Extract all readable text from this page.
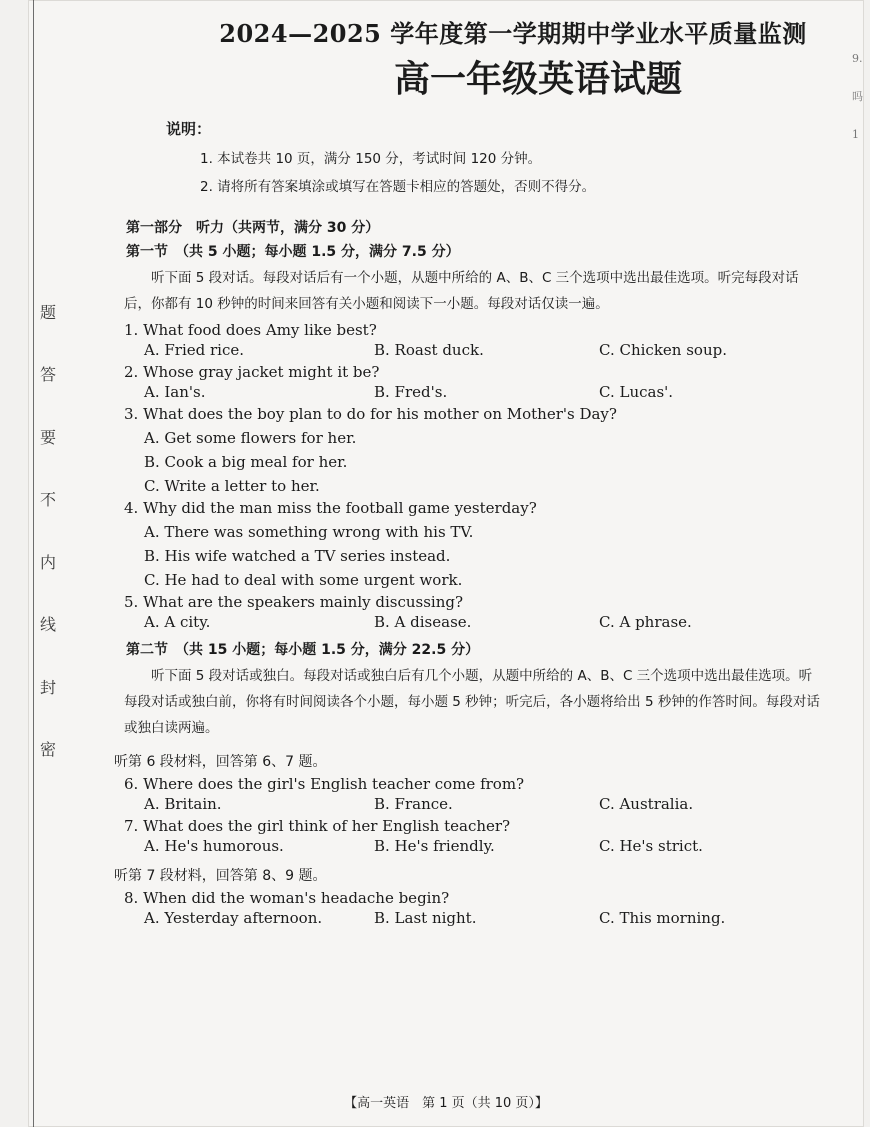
题
答
要
不
内
线
封
密
2024—2025 学年度第一学期期中学业水平质量监测
高一年级英语试题
说明：
1. 本试卷共 10 页，满分 150 分，考试时间 120 分钟。
2. 请将所有答案填涂或填写在答题卡相应的答题处，否则不得分。
第一部分　听力（共两节，满分 30 分）
第一节　（共 5 小题；每小题 1.5 分，满分 7.5 分）
听下面 5 段对话。每段对话后有一个小题，从题中所给的 A、B、C 三个选项中选出最佳选项。听完每段对话后，你都有 10 秒钟的时间来回答有关小题和阅读下一小题。每段对话仅读一遍。
1. What food does Amy like best?
A. Fried rice.	B. Roast duck.	C. Chicken soup.
2. Whose gray jacket might it be?
A. Ian's.	B. Fred's.	C. Lucas'.
3. What does the boy plan to do for his mother on Mother's Day?
A. Get some flowers for her.
B. Cook a big meal for her.
C. Write a letter to her.
4. Why did the man miss the football game yesterday?
A. There was something wrong with his TV.
B. His wife watched a TV series instead.
C. He had to deal with some urgent work.
5. What are the speakers mainly discussing?
A. A city.	B. A disease.	C. A phrase.
第二节　（共 15 小题；每小题 1.5 分，满分 22.5 分）
听下面 5 段对话或独白。每段对话或独白后有几个小题，从题中所给的 A、B、C 三个选项中选出最佳选项。听每段对话或独白前，你将有时间阅读各个小题，每小题 5 秒钟；听完后，各小题将给出 5 秒钟的作答时间。每段对话或独白读两遍。
听第 6 段材料，回答第 6、7 题。
6. Where does the girl's English teacher come from?
A. Britain.	B. France.	C. Australia.
7. What does the girl think of her English teacher?
A. He's humorous.	B. He's friendly.	C. He's strict.
听第 7 段材料，回答第 8、9 题。
8. When did the woman's headache begin?
A. Yesterday afternoon.	B. Last night.	C. This morning.
【高一英语　第 1 页（共 10 页）】
9.
吗
1
